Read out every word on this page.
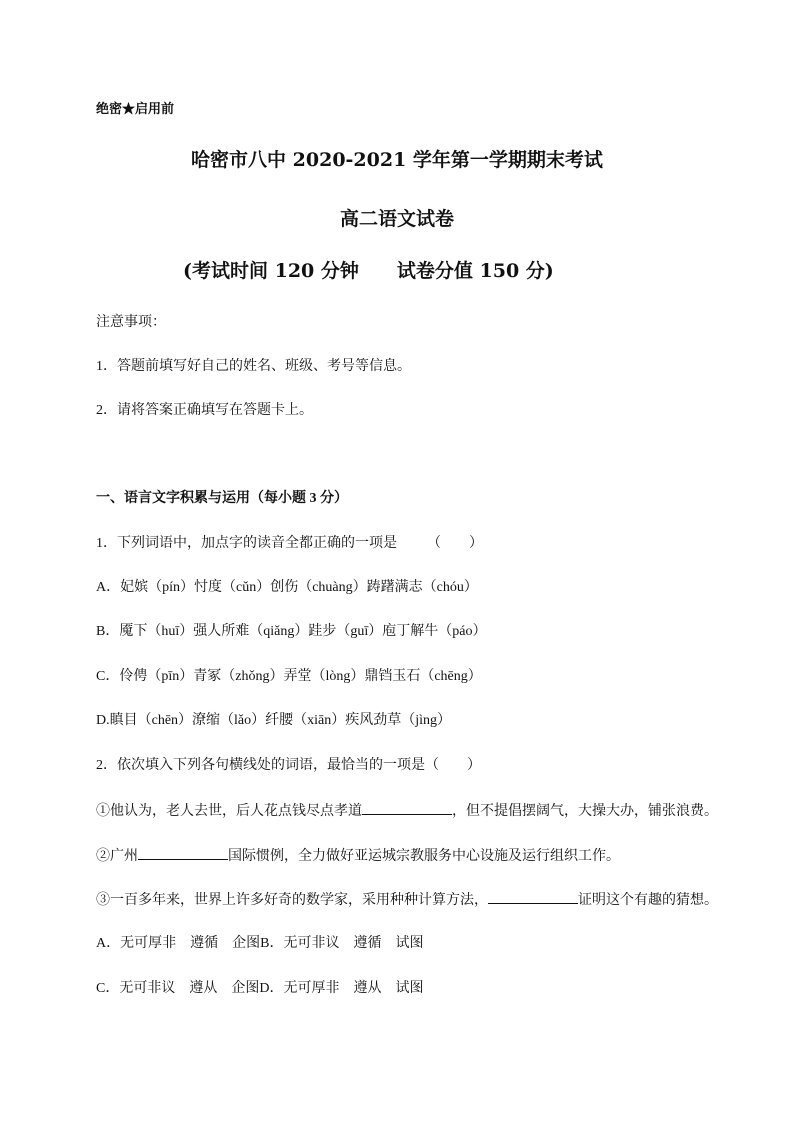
绝密★启用前
哈密市八中 2020-2021 学年第一学期期末考试
高二语文试卷
(考试时间 120 分钟 试卷分值 150 分)
注意事项：
1．答题前填写好自己的姓名、班级、考号等信息。
2．请将答案正确填写在答题卡上。
一、语言文字积累与运用（每小题 3 分）
1．下列词语中，加点字的读音全都正确的一项是 （　　）
A．妃嫔（pín）忖度（cǔn）创伤（chuàng）踌躇满志（chóu）
B．魇下（huī）强人所难（qiǎng）跬步（guī）庖丁解牛（páo）
C．伶俜（pīn）青冢（zhǒng）弄堂（lòng）鼎铛玉石（chēng）
D.瞋目（chēn）潦缩（lǎo）纤腰（xiān）疾风劲草（jìng）
2．依次填入下列各句横线处的词语，最恰当的一项是（　　）
①他认为，老人去世，后人花点钱尽点孝道	，但不提倡摆阔气，大操大办，铺张浪费。
②广州	国际惯例，全力做好亚运城宗教服务中心设施及运行组织工作。
③一百多年来，世界上许多好奇的数学家，采用种种计算方法，	证明这个有趣的猜想。
A．无可厚非　遵循　企图B．无可非议　遵循　试图
C．无可非议　遵从　企图D．无可厚非　遵从　试图
